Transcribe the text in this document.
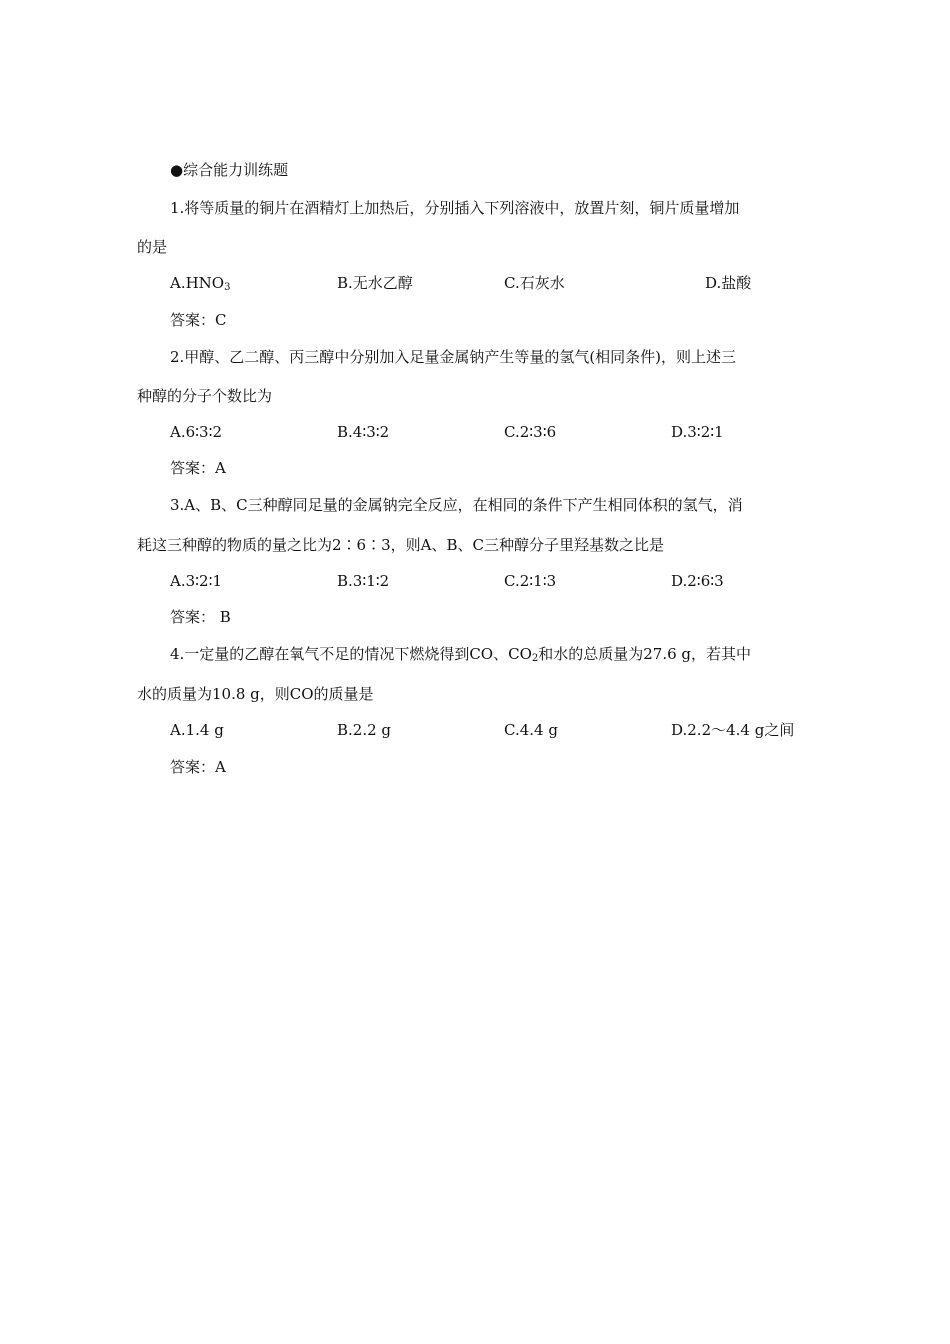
●综合能力训练题
1.将等质量的铜片在酒精灯上加热后，分别插入下列溶液中，放置片刻，铜片质量增加
的是
$A.HNO_3$	B.无水乙醇	C.石灰水	D.盐酸
答案：C
2.甲醇、乙二醇、丙三醇中分别加入足量金属钠产生等量的氢气(相同条件)，则上述三
种醇的分子个数比为
A.6∶3∶2	B.4∶3∶2	C.2∶3∶6	D.3∶2∶1
答案：A
3.A、B、C三种醇同足量的金属钠完全反应，在相同的条件下产生相同体积的氢气，消
耗这三种醇的物质的量之比为2∶6∶3，则A、B、C三种醇分子里羟基数之比是
A.3∶2∶1	B.3∶1∶2	C.2∶1∶3	D.2∶6∶3
答案： B
4.一定量的乙醇在氧气不足的情况下燃烧得到CO、$CO_2$和水的总质量为27.6 g，若其中
水的质量为10.8 g，则CO的质量是
A.1.4 g	B.2.2 g	C.4.4 g	D.2.2～4.4 g之间
答案：A
